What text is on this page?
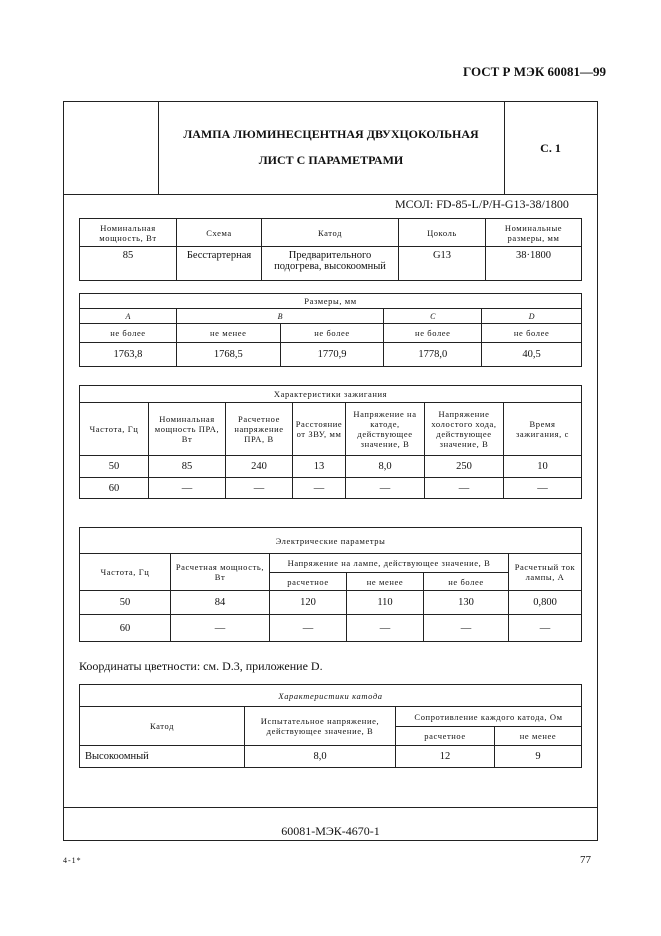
ГОСТ Р МЭК 60081—99
ЛАМПА ЛЮМИНЕСЦЕНТНАЯ ДВУХЦОКОЛЬНАЯ
ЛИСТ С ПАРАМЕТРАМИ
С. 1
60081-МЭК-4670-1
МСОЛ: FD-85-L/P/H-G13-38/1800
Номинальная мощность, Вт	Схема	Катод	Цоколь	Номинальные размеры, мм
85	Бесстартерная	Предварительного подогрева, высокоомный	G13	38·1800
Размеры, мм				
A	B		C	D
не более	не менее	не более	не более	не более
1763,8	1768,5	1770,9	1778,0	40,5
Характеристики зажигания						
Частота, Гц	Номинальная мощность ПРА, Вт	Расчетное напряжение ПРА, В	Расстояние от ЗВУ, мм	Напряжение на катоде, действующее значение, В	Напряжение холостого хода, действующее значение, В	Время зажигания, с
50	85	240	13	8,0	250	10
60	—	—	—	—	—	—
Электрические параметры					
Частота, Гц	Расчетная мощность, Вт	Напряжение на лампе, действующее значение, В			Расчетный ток лампы, А
		расчетное	не менее	не более	
50	84	120	110	130	0,800
60	—	—	—	—	—
Координаты цветности: см. D.3, приложение D.
Характеристики катода			
Катод	Испытательное напряжение, действующее значение, В	Сопротивление каждого катода, Ом	
		расчетное	не менее
Высокоомный	8,0	12	9
4-1*	77
